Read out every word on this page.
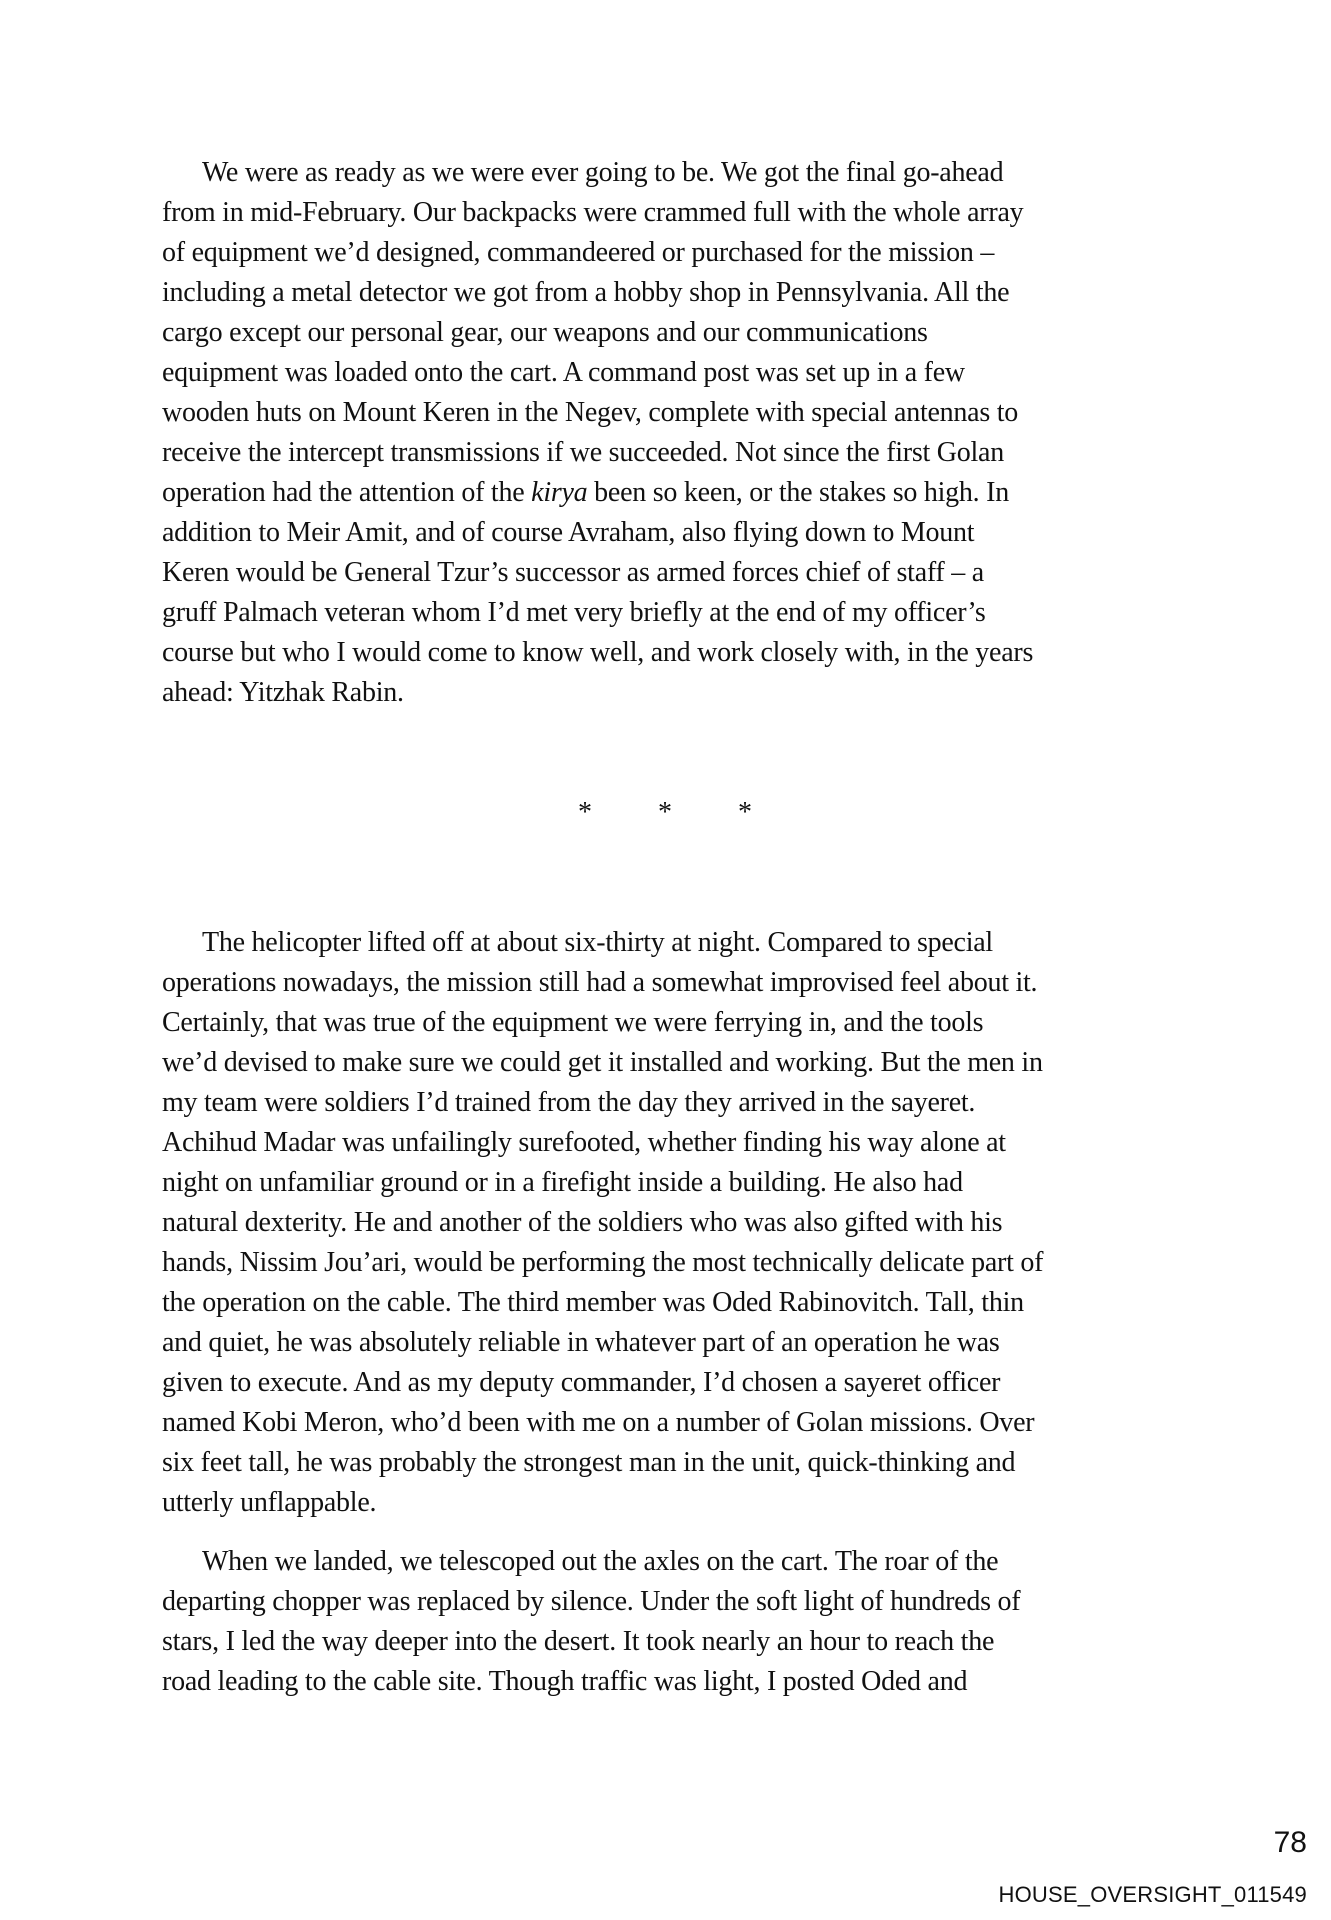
We were as ready as we were ever going to be. We got the final go-ahead
from in mid-February. Our backpacks were crammed full with the whole array
of equipment we’d designed, commandeered or purchased for the mission –
including a metal detector we got from a hobby shop in Pennsylvania. All the
cargo except our personal gear, our weapons and our communications
equipment was loaded onto the cart. A command post was set up in a few
wooden huts on Mount Keren in the Negev, complete with special antennas to
receive the intercept transmissions if we succeeded. Not since the first Golan
operation had the attention of the kirya been so keen, or the stakes so high. In
addition to Meir Amit, and of course Avraham, also flying down to Mount
Keren would be General Tzur’s successor as armed forces chief of staff – a
gruff Palmach veteran whom I’d met very briefly at the end of my officer’s
course but who I would come to know well, and work closely with, in the years
ahead: Yitzhak Rabin.
* * *
The helicopter lifted off at about six-thirty at night. Compared to special
operations nowadays, the mission still had a somewhat improvised feel about it.
Certainly, that was true of the equipment we were ferrying in, and the tools
we’d devised to make sure we could get it installed and working. But the men in
my team were soldiers I’d trained from the day they arrived in the sayeret.
Achihud Madar was unfailingly surefooted, whether finding his way alone at
night on unfamiliar ground or in a firefight inside a building. He also had
natural dexterity. He and another of the soldiers who was also gifted with his
hands, Nissim Jou’ari, would be performing the most technically delicate part of
the operation on the cable. The third member was Oded Rabinovitch. Tall, thin
and quiet, he was absolutely reliable in whatever part of an operation he was
given to execute. And as my deputy commander, I’d chosen a sayeret officer
named Kobi Meron, who’d been with me on a number of Golan missions. Over
six feet tall, he was probably the strongest man in the unit, quick-thinking and
utterly unflappable.
When we landed, we telescoped out the axles on the cart. The roar of the
departing chopper was replaced by silence. Under the soft light of hundreds of
stars, I led the way deeper into the desert. It took nearly an hour to reach the
road leading to the cable site. Though traffic was light, I posted Oded and
78
HOUSE_OVERSIGHT_011549
